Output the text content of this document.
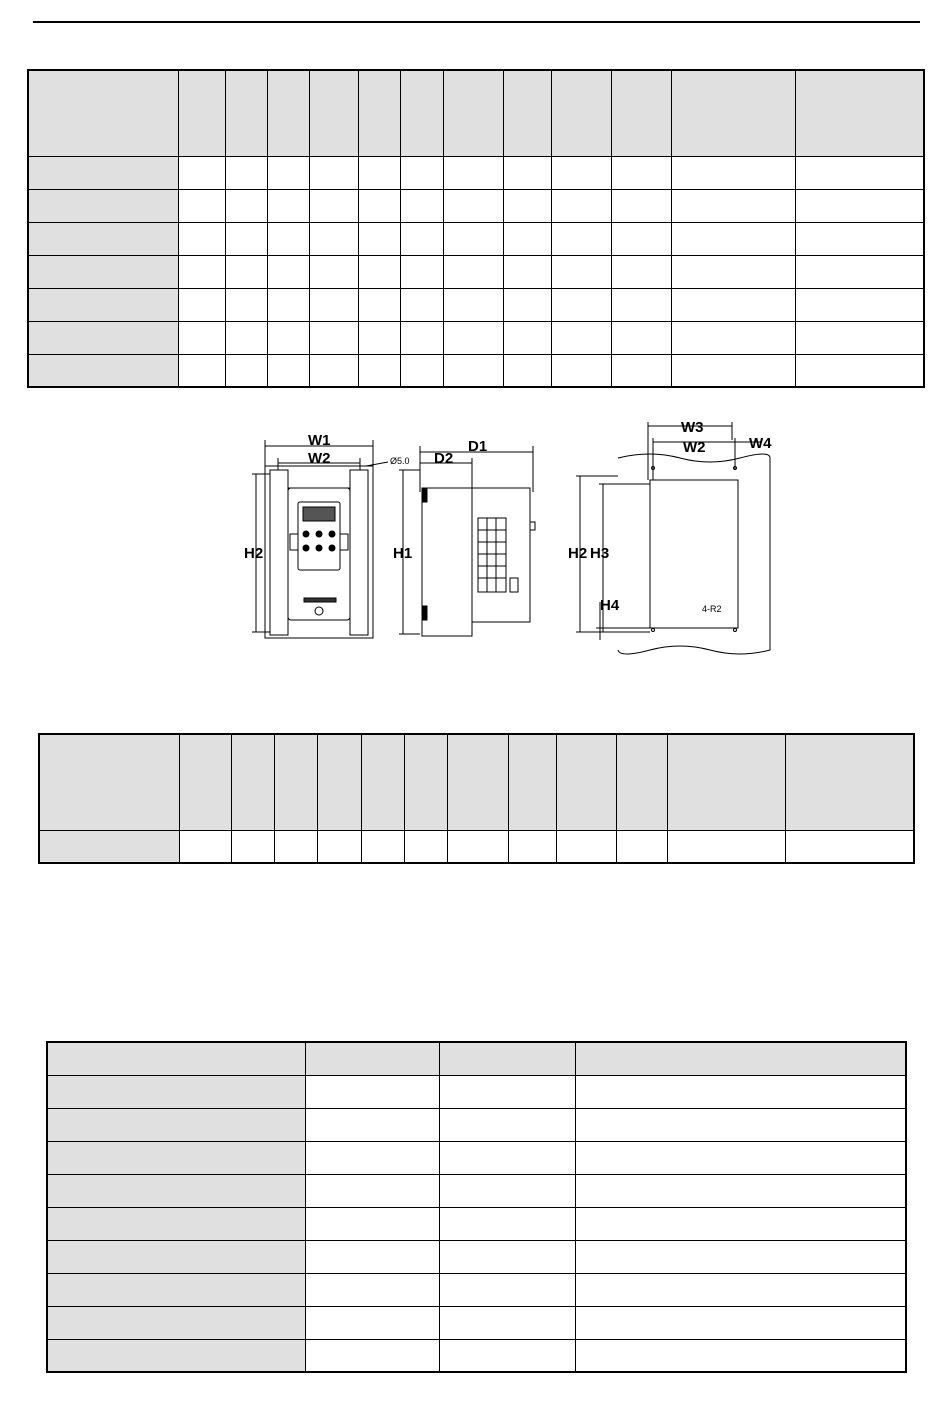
W1
W2
H2
Ø5.0
D1
D2
H1
W3
W2	W4
H2 H3
H4	4-R2
